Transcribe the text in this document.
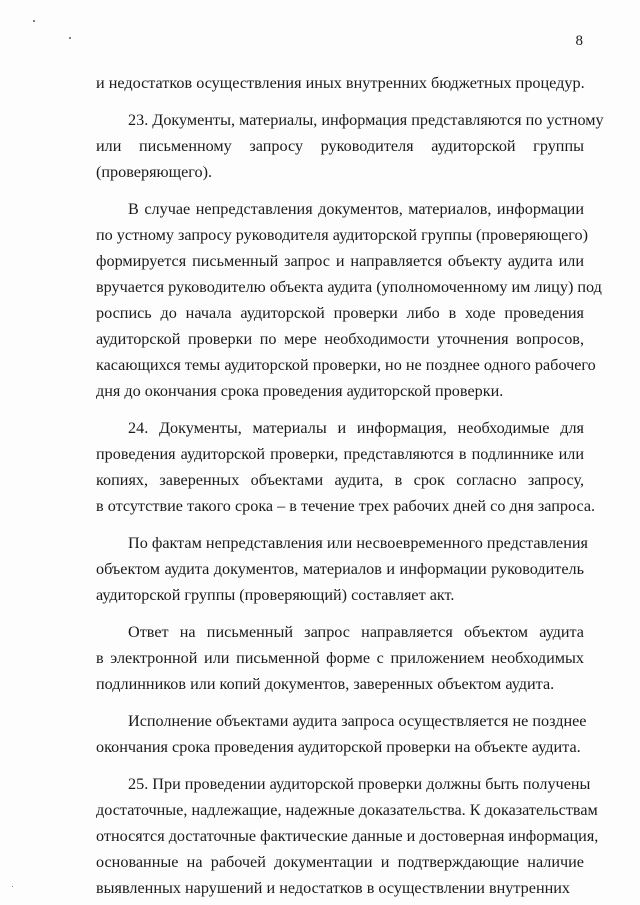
8

и недостатков осуществления иных внутренних бюджетных процедур.

23. Документы, материалы, информация представляются по устному
или письменному запросу руководителя аудиторской группы
(проверяющего).

В случае непредставления документов, материалов, информации
по устному запросу руководителя аудиторской группы (проверяющего)
формируется письменный запрос и направляется объекту аудита или
вручается руководителю объекта аудита (уполномоченному им лицу) под
роспись до начала аудиторской проверки либо в ходе проведения
аудиторской проверки по мере необходимости уточнения вопросов,
касающихся темы аудиторской проверки, но не позднее одного рабочего
дня до окончания срока проведения аудиторской проверки.

24. Документы, материалы и информация, необходимые для
проведения аудиторской проверки, представляются в подлиннике или
копиях, заверенных объектами аудита, в срок согласно запросу,
в отсутствие такого срока – в течение трех рабочих дней со дня запроса.

По фактам непредставления или несвоевременного представления
объектом аудита документов, материалов и информации руководитель
аудиторской группы (проверяющий) составляет акт.

Ответ на письменный запрос направляется объектом аудита
в электронной или письменной форме с приложением необходимых
подлинников или копий документов, заверенных объектом аудита.

Исполнение объектами аудита запроса осуществляется не позднее
окончания срока проведения аудиторской проверки на объекте аудита.

25. При проведении аудиторской проверки должны быть получены
достаточные, надлежащие, надежные доказательства. К доказательствам
относятся достаточные фактические данные и достоверная информация,
основанные на рабочей документации и подтверждающие наличие
выявленных нарушений и недостатков в осуществлении внутренних
